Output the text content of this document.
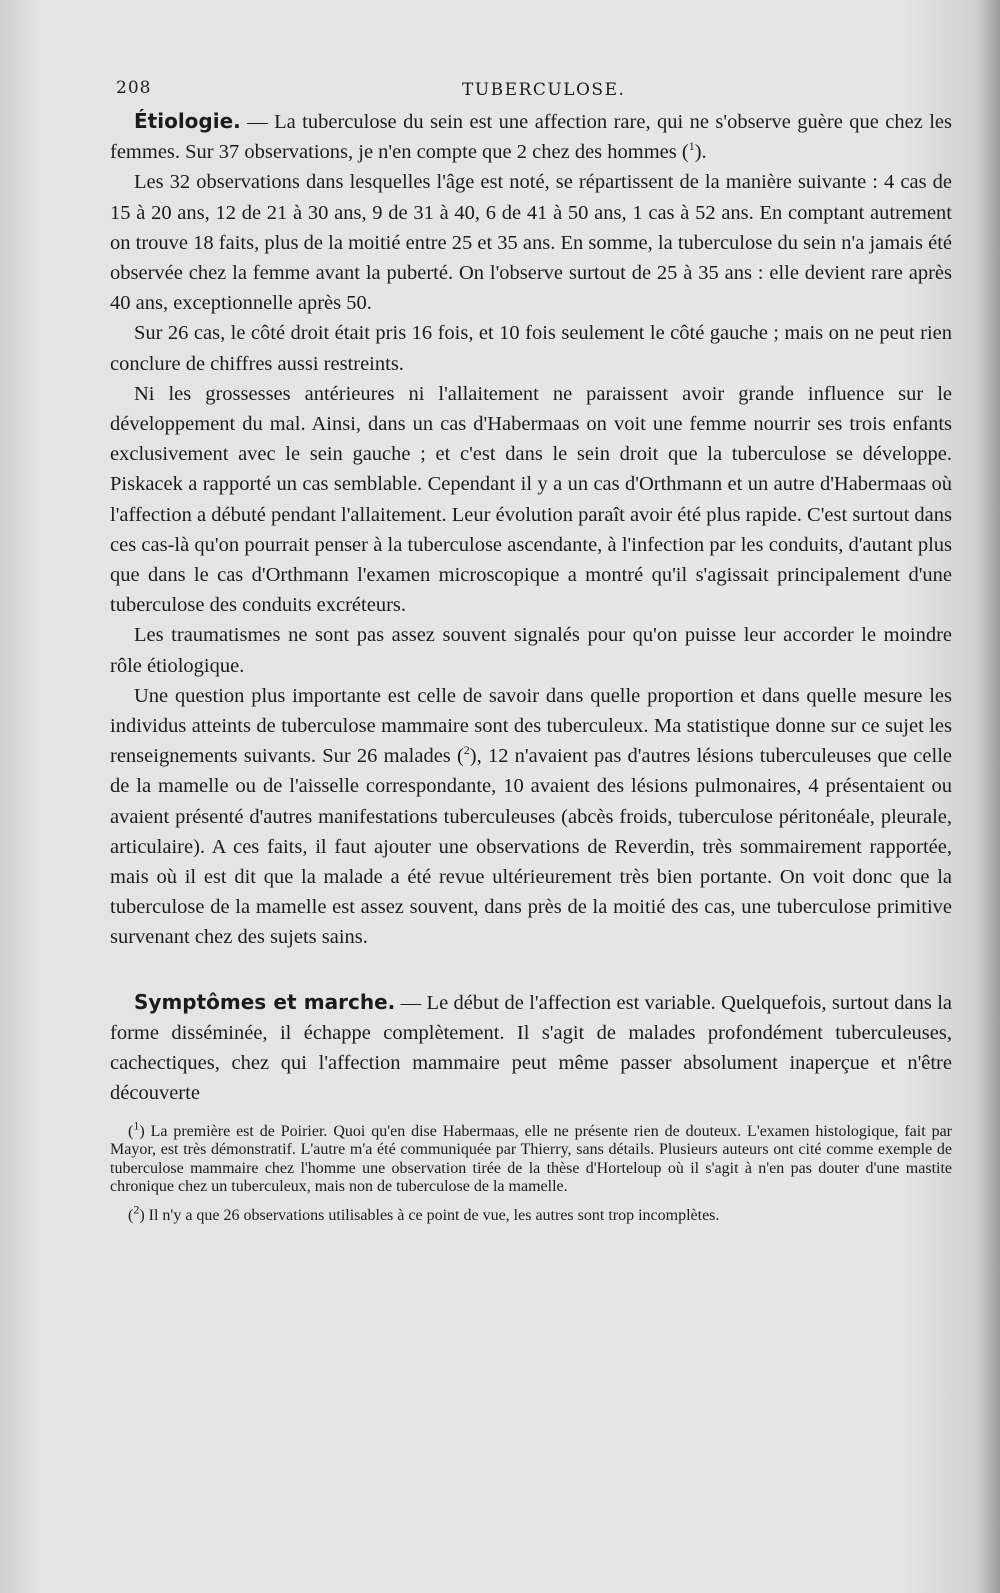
208	TUBERCULOSE.

Étiologie. — La tuberculose du sein est une affection rare, qui ne s'observe guère que chez les femmes. Sur 37 observations, je n'en compte que 2 chez des hommes ($^1$).

Les 32 observations dans lesquelles l'âge est noté, se répartissent de la manière suivante : 4 cas de 15 à 20 ans, 12 de 21 à 30 ans, 9 de 31 à 40, 6 de 41 à 50 ans, 1 cas à 52 ans. En comptant autrement on trouve 18 faits, plus de la moitié entre 25 et 35 ans. En somme, la tuberculose du sein n'a jamais été observée chez la femme avant la puberté. On l'observe surtout de 25 à 35 ans : elle devient rare après 40 ans, exceptionnelle après 50.

Sur 26 cas, le côté droit était pris 16 fois, et 10 fois seulement le côté gauche ; mais on ne peut rien conclure de chiffres aussi restreints.

Ni les grossesses antérieures ni l'allaitement ne paraissent avoir grande influence sur le développement du mal. Ainsi, dans un cas d'Habermaas on voit une femme nourrir ses trois enfants exclusivement avec le sein gauche ; et c'est dans le sein droit que la tuberculose se développe. Piskacek a rapporté un cas semblable. Cependant il y a un cas d'Orthmann et un autre d'Habermaas où l'affection a débuté pendant l'allaitement. Leur évolution paraît avoir été plus rapide. C'est surtout dans ces cas-là qu'on pourrait penser à la tuberculose ascendante, à l'infection par les conduits, d'autant plus que dans le cas d'Orthmann l'examen microscopique a montré qu'il s'agissait principalement d'une tuberculose des conduits excréteurs.

Les traumatismes ne sont pas assez souvent signalés pour qu'on puisse leur accorder le moindre rôle étiologique.

Une question plus importante est celle de savoir dans quelle proportion et dans quelle mesure les individus atteints de tuberculose mammaire sont des tuberculeux. Ma statistique donne sur ce sujet les renseignements suivants. Sur 26 malades ($^2$), 12 n'avaient pas d'autres lésions tuberculeuses que celle de la mamelle ou de l'aisselle correspondante, 10 avaient des lésions pulmonaires, 4 présentaient ou avaient présenté d'autres manifestations tuberculeuses (abcès froids, tuberculose péritonéale, pleurale, articulaire). A ces faits, il faut ajouter une observations de Reverdin, très sommairement rapportée, mais où il est dit que la malade a été revue ultérieurement très bien portante. On voit donc que la tuberculose de la mamelle est assez souvent, dans près de la moitié des cas, une tuberculose primitive survenant chez des sujets sains.

Symptômes et marche. — Le début de l'affection est variable. Quelquefois, surtout dans la forme disséminée, il échappe complètement. Il s'agit de malades profondément tuberculeuses, cachectiques, chez qui l'affection mammaire peut même passer absolument inaperçue et n'être découverte

($^1$) La première est de Poirier. Quoi qu'en dise Habermaas, elle ne présente rien de douteux. L'examen histologique, fait par Mayor, est très démonstratif. L'autre m'a été communiquée par Thierry, sans détails. Plusieurs auteurs ont cité comme exemple de tuberculose mammaire chez l'homme une observation tirée de la thèse d'Horteloup où il s'agit à n'en pas douter d'une mastite chronique chez un tuberculeux, mais non de tuberculose de la mamelle.

($^2$) Il n'y a que 26 observations utilisables à ce point de vue, les autres sont trop incomplètes.
